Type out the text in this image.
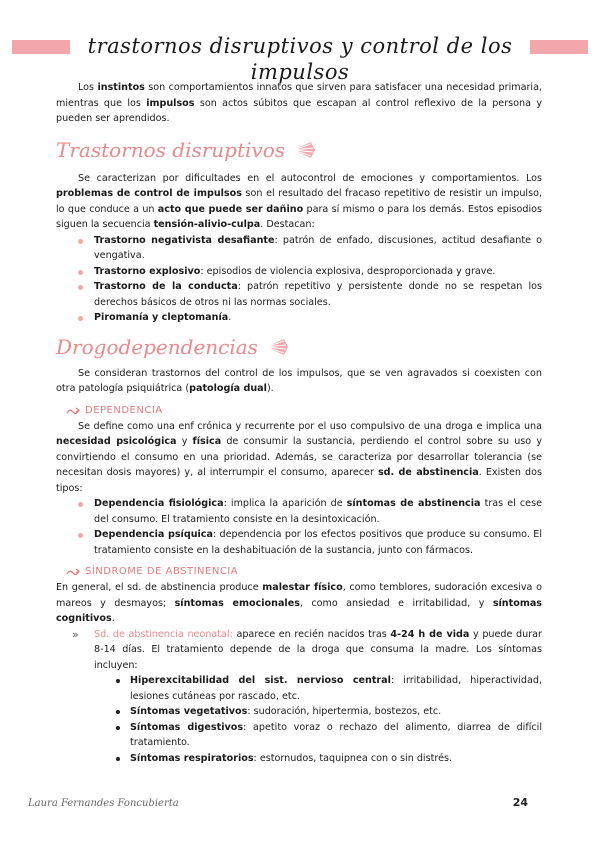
trastornos disruptivos y control de los impulsos

Los instintos son comportamientos innatos que sirven para satisfacer una necesidad primaria, mientras que los impulsos son actos súbitos que escapan al control reflexivo de la persona y pueden ser aprendidos.

Trastornos disruptivos

Se caracterizan por dificultades en el autocontrol de emociones y comportamientos. Los problemas de control de impulsos son el resultado del fracaso repetitivo de resistir un impulso, lo que conduce a un acto que puede ser dañino para sí mismo o para los demás. Estos episodios siguen la secuencia tensión-alivio-culpa. Destacan:

Trastorno negativista desafiante: patrón de enfado, discusiones, actitud desafiante o vengativa.
Trastorno explosivo: episodios de violencia explosiva, desproporcionada y grave.
Trastorno de la conducta: patrón repetitivo y persistente donde no se respetan los derechos básicos de otros ni las normas sociales.
Piromanía y cleptomanía.
Drogodependencias

Se consideran trastornos del control de los impulsos, que se ven agravados si coexisten con otra patología psiquiátrica (patología dual).

DEPENDENCIA

Se define como una enf crónica y recurrente por el uso compulsivo de una droga e implica una necesidad psicológica y física de consumir la sustancia, perdiendo el control sobre su uso y convirtiendo el consumo en una prioridad. Además, se caracteriza por desarrollar tolerancia (se necesitan dosis mayores) y, al interrumpir el consumo, aparecer sd. de abstinencia. Existen dos tipos:

Dependencia fisiológica: implica la aparición de síntomas de abstinencia tras el cese del consumo. El tratamiento consiste en la desintoxicación.
Dependencia psíquica: dependencia por los efectos positivos que produce su consumo. El tratamiento consiste en la deshabituación de la sustancia, junto con fármacos.
SÍNDROME DE ABSTINENCIA

En general, el sd. de abstinencia produce malestar físico, como temblores, sudoración excesiva o mareos y desmayos; síntomas emocionales, como ansiedad e irritabilidad, y síntomas cognitivos.

» Sd. de abstinencia neonatal: aparece en recién nacidos tras 4-24 h de vida y puede durar 8-14 días. El tratamiento depende de la droga que consuma la madre. Los síntomas incluyen:
Hiperexcitabilidad del sist. nervioso central: irritabilidad, hiperactividad, lesiones cutáneas por rascado, etc.
Síntomas vegetativos: sudoración, hipertermia, bostezos, etc.
Síntomas digestivos: apetito voraz o rechazo del alimento, diarrea de difícil tratamiento.
Síntomas respiratorios: estornudos, taquipnea con o sin distrés.
Laura Fernandes Foncubierta	24
